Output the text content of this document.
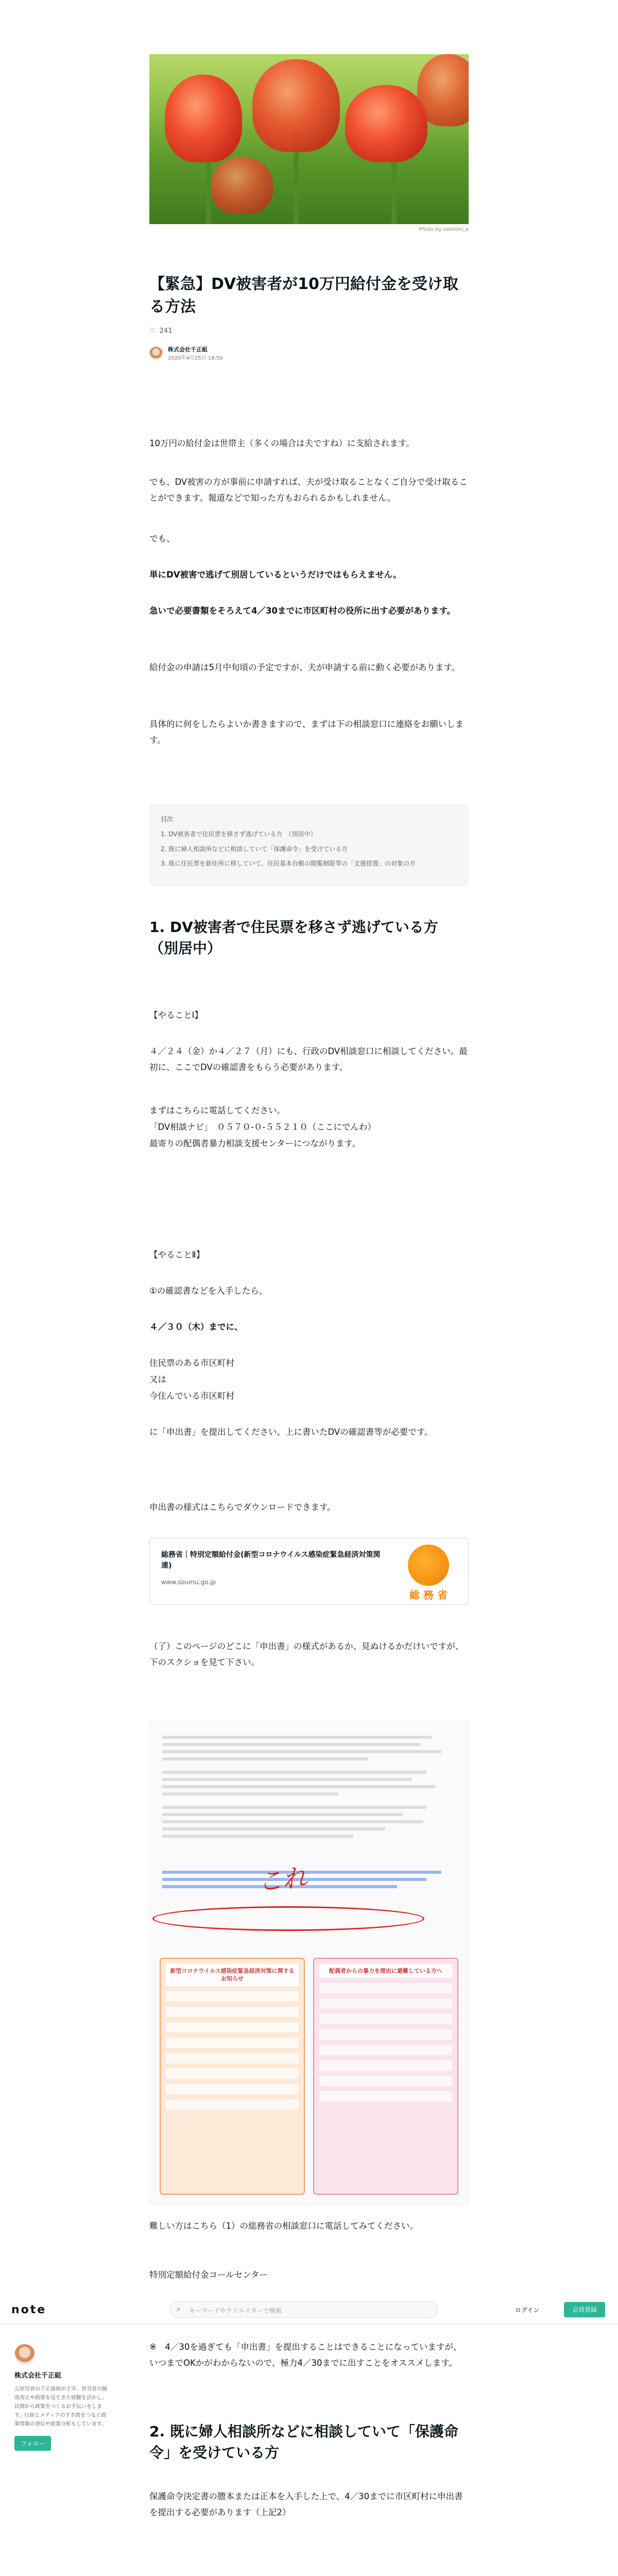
Photo by sashimi_a
【緊急】DV被害者が10万円給付金を受け取る方法
♡ 241
株式会社千正組
2020年4月25日 18:50
10万円の給付金は世帯主（多くの場合は夫ですね）に支給されます。
でも、DV被害の方が事前に申請すれば、夫が受け取ることなくご自分で受け取ることができます。報道などで知った方もおられるかもしれません。
でも、
単にDV被害で逃げて別居しているというだけではもらえません。
急いで必要書類をそろえて4／30までに市区町村の役所に出す必要があります。
給付金の申請は5月中旬頃の予定ですが、夫が申請する前に動く必要があります。
具体的に何をしたらよいか書きますので、まずは下の相談窓口に連絡をお願いします。
目次
1. DV被害者で住民票を移さず逃げている方　（別居中）
2. 既に婦人相談所などに相談していて「保護命令」を受けている方
3. 既に住民票を新住所に移していて、住民基本台帳の閲覧制限等の「支援措置」の対象の方
1. DV被害者で住民票を移さず逃げている方　（別居中）
【やることⅠ】
４／２４（金）か４／２７（月）にも、行政のDV相談窓口に相談してください。最初に、ここでDVの確認書をもらう必要があります。
まずはこちらに電話してください。
「DV相談ナビ」　０５７０-０-５５２１０（ここにでんわ）
最寄りの配偶者暴力相談支援センターにつながります。
【やることⅡ】
①の確認書などを入手したら、
４／３０（木）までに、
住民票のある市区町村
又は
今住んでいる市区町村
に「申出書」を提出してください。上に書いたDVの確認書等が必要です。
申出書の様式はこちらでダウンロードできます。
総務省｜特別定額給付金(新型コロナウイルス感染症緊急経済対策関連)
www.soumu.go.jp
総 務 省
（了）このページのどこに「申出書」の様式があるか、見ぬけるかだけいですが、下のスクショを見て下さい。
これ
新型コロナウイルス感染症緊急経済対策に関するお知らせ
配偶者からの暴力を理由に避難している方へ
難しい方はこちら（1）の総務省の相談窓口に電話してみてください。
特別定額給付金コールセンター
note	⌕ キーワードやクリエイターで検索	ログイン	会員登録
株式会社千正組
元厚労省の千正康裕が主宰。厚労省の制度改正や政策を見てきた経験を活かし、民間から政策をつくるお手伝いをします。行政とメディアのすき間をつなぐ政策情報の発信や政策分析もしています。
フォロー
※　4／30を過ぎても「申出書」を提出することはできることになっていますが、いつまでOKかがわからないので、極力4／30までに出すことをオススメします。
2. 既に婦人相談所などに相談していて「保護命令」を受けている方
保護命令決定書の謄本または正本を入手した上で、4／30までに市区町村に申出書を提出する必要があります（上記2）
